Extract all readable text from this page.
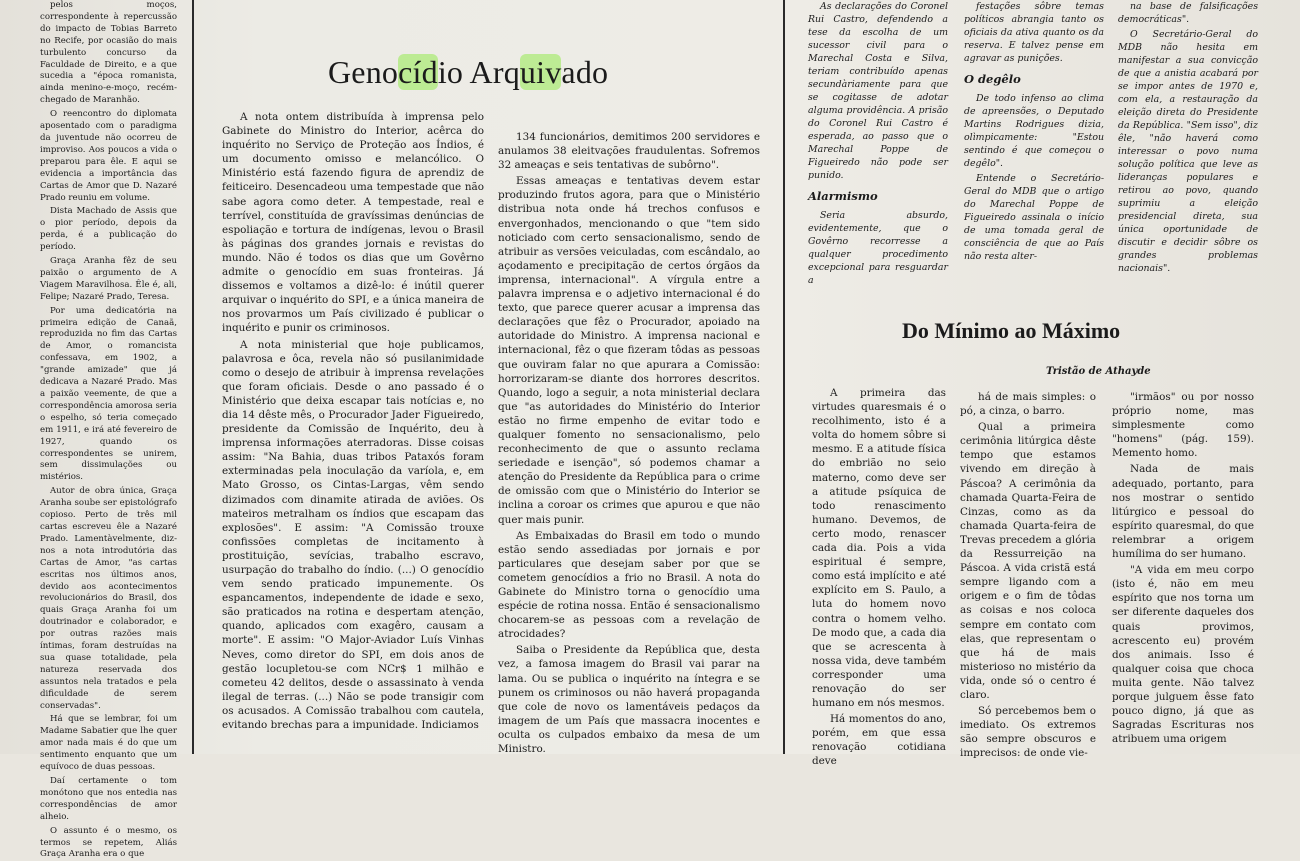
pelos moços, correspondente à repercussão do impacto de Tobias Barreto no Recife, por ocasião do mais turbulento concurso da Faculdade de Direito, e a que sucedia a "época romanista, ainda menino-e-moço, recém-chegado de Maranhão.

O reencontro do diplomata aposentado com o paradigma da juventude não ocorreu de improviso. Aos poucos a vida o preparou para êle. E aqui se evidencia a importância das Cartas de Amor que D. Nazaré Prado reuniu em volume.

Dista Machado de Assis que o pior período, depois da perda, é a publicação do período.

Graça Aranha fêz de seu paixão o argumento de A Viagem Maravilhosa. Êle é, ali, Felipe; Nazaré Prado, Teresa.

Por uma dedicatória na primeira edição de Canaã, reproduzida no fim das Cartas de Amor, o romancista confessava, em 1902, a "grande amizade" que já dedicava a Nazaré Prado. Mas a paixão veemente, de que a correspondência amorosa seria o espelho, só teria começado em 1911, e irá até fevereiro de 1927, quando os correspondentes se unirem, sem dissimulações ou mistérios.

Autor de obra única, Graça Aranha soube ser epistológrafo copioso. Perto de três mil cartas escreveu êle a Nazaré Prado. Lamentàvelmente, diz-nos a nota introdutória das Cartas de Amor, "as cartas escritas nos últimos anos, devido aos acontecimentos revolucionários do Brasil, dos quais Graça Aranha foi um doutrinador e colaborador, e por outras razões mais íntimas, foram destruídas na sua quase totalidade, pela natureza reservada dos assuntos nela tratados e pela dificuldade de serem conservadas".

Há que se lembrar, foi um Madame Sabatier que lhe quer amor nada mais é do que um sentimento enquanto que um equívoco de duas pessoas.

Daí certamente o tom monótono que nos entedia nas correspondências de amor alheio.

O assunto é o mesmo, os termos se repetem, Aliás Graça Aranha era o que

Genocídio Arquivado

A nota ontem distribuída à imprensa pelo Gabinete do Ministro do Interior, acêrca do inquérito no Serviço de Proteção aos Índios, é um documento omisso e melancólico. O Ministério está fazendo figura de aprendiz de feiticeiro. Desencadeou uma tempestade que não sabe agora como deter. A tempestade, real e terrível, constituída de gravíssimas denúncias de espoliação e tortura de indígenas, levou o Brasil às páginas dos grandes jornais e revistas do mundo. Não é todos os dias que um Govêrno admite o genocídio em suas fronteiras. Já dissemos e voltamos a dizê-lo: é inútil querer arquivar o inquérito do SPI, e a única maneira de nos provarmos um País civilizado é publicar o inquérito e punir os criminosos.

A nota ministerial que hoje publicamos, palavrosa e ôca, revela não só pusilanimidade como o desejo de atribuir à imprensa revelações que foram oficiais. Desde o ano passado é o Ministério que deixa escapar tais notícias e, no dia 14 dêste mês, o Procurador Jader Figueiredo, presidente da Comissão de Inquérito, deu à imprensa informações aterradoras. Disse coisas assim: "Na Bahia, duas tribos Pataxós foram exterminadas pela inoculação da varíola, e, em Mato Grosso, os Cintas-Largas, vêm sendo dizimados com dinamite atirada de aviões. Os mateiros metralham os índios que escapam das explosões". E assim: "A Comissão trouxe confissões completas de incitamento à prostituição, sevícias, trabalho escravo, usurpação do trabalho do índio. (...) O genocídio vem sendo praticado impunemente. Os espancamentos, independente de idade e sexo, são praticados na rotina e despertam atenção, quando, aplicados com exagêro, causam a morte". E assim: "O Major-Aviador Luís Vinhas Neves, como diretor do SPI, em dois anos de gestão locupletou-se com NCr$ 1 milhão e cometeu 42 delitos, desde o assassinato à venda ilegal de terras. (...) Não se pode transigir com os acusados. A Comissão trabalhou com cautela, evitando brechas para a impunidade. Indiciamos

134 funcionários, demitimos 200 servidores e anulamos 38 eleitvações fraudulentas. Sofremos 32 ameaças e seis tentativas de subôrno".

Essas ameaças e tentativas devem estar produzindo frutos agora, para que o Ministério distribua nota onde há trechos confusos e envergonhados, mencionando o que "tem sido noticiado com certo sensacionalismo, sendo de atribuir as versões veiculadas, com escândalo, ao açodamento e precipitação de certos órgãos da imprensa, internacional". A vírgula entre a palavra imprensa e o adjetivo internacional é do texto, que parece querer acusar a imprensa das declarações que fêz o Procurador, apoiado na autoridade do Ministro. A imprensa nacional e internacional, fêz o que fizeram tôdas as pessoas que ouviram falar no que apurara a Comissão: horrorizaram-se diante dos horrores descritos. Quando, logo a seguir, a nota ministerial declara que "as autoridades do Ministério do Interior estão no firme empenho de evitar todo e qualquer fomento no sensacionalismo, pelo reconhecimento de que o assunto reclama seriedade e isenção", só podemos chamar a atenção do Presidente da República para o crime de omissão com que o Ministério do Interior se inclina a coroar os crimes que apurou e que não quer mais punir.

As Embaixadas do Brasil em todo o mundo estão sendo assediadas por jornais e por particulares que desejam saber por que se cometem genocídios a frio no Brasil. A nota do Gabinete do Ministro torna o genocídio uma espécie de rotina nossa. Então é sensacionalismo chocarem-se as pessoas com a revelação de atrocidades?

Saiba o Presidente da República que, desta vez, a famosa imagem do Brasil vai parar na lama. Ou se publica o inquérito na íntegra e se punem os criminosos ou não haverá propaganda que cole de novo os lamentáveis pedaços da imagem de um País que massacra inocentes e oculta os culpados embaixo da mesa de um Ministro.

As declarações do Coronel Rui Castro, defendendo a tese da escolha de um sucessor civil para o Marechal Costa e Silva, teriam contribuído apenas secundàriamente para que se cogitasse de adotar alguma providência. A prisão do Coronel Rui Castro é esperada, ao passo que o Marechal Poppe de Figueiredo não pode ser punido.

Alarmismo

Seria absurdo, evidentemente, que o Govêrno recorresse a qualquer procedimento excepcional para resguardar a

festações sôbre temas políticos abrangia tanto os oficiais da ativa quanto os da reserva. E talvez pense em agravar as punições.

O degêlo

De todo infenso ao clima de apreensões, o Deputado Martins Rodrigues dizia, olìmpicamente: "Estou sentindo é que começou o degêlo".

Entende o Secretário-Geral do MDB que o artigo do Marechal Poppe de Figueiredo assinala o início de uma tomada geral de consciência de que ao País não resta alter-

na base de falsificações democráticas".

O Secretário-Geral do MDB não hesita em manifestar a sua convicção de que a anistia acabará por se impor antes de 1970 e, com ela, a restauração da eleição direta do Presidente da República. "Sem isso", diz êle, "não haverá como interessar o povo numa solução política que leve as lideranças populares e retirou ao povo, quando suprimiu a eleição presidencial direta, sua única oportunidade de discutir e decidir sôbre os grandes problemas nacionais".

Do Mínimo ao Máximo
Tristão de Athayde

A primeira das virtudes quaresmais é o recolhimento, isto é a volta do homem sôbre si mesmo. E a atitude física do embrião no seio materno, como deve ser a atitude psíquica de todo renascimento humano. Devemos, de certo modo, renascer cada dia. Pois a vida espiritual é sempre, como está implícito e até explícito em S. Paulo, a luta do homem novo contra o homem velho. De modo que, a cada dia que se acrescenta à nossa vida, deve também corresponder uma renovação do ser humano em nós mesmos.

Há momentos do ano, porém, em que essa renovação cotidiana deve

há de mais simples: o pó, a cinza, o barro.

Qual a primeira cerimônia litúrgica dêste tempo que estamos vivendo em direção à Páscoa? A cerimônia da chamada Quarta-Feira de Cinzas, como as da chamada Quarta-feira de Trevas precedem a glória da Ressurreição na Páscoa. A vida cristã está sempre ligando com a origem e o fim de tôdas as coisas e nos coloca sempre em contato com elas, que representam o que há de mais misterioso no mistério da vida, onde só o centro é claro.

Só percebemos bem o imediato. Os extremos são sempre obscuros e imprecisos: de onde vie-

"irmãos" ou por nosso próprio nome, mas simplesmente como "homens" (pág. 159). Memento homo.

Nada de mais adequado, portanto, para nos mostrar o sentido litúrgico e pessoal do espírito quaresmal, do que relembrar a origem humílima do ser humano.

"A vida em meu corpo (isto é, não em meu espírito que nos torna um ser diferente daqueles dos quais provimos, acrescento eu) provém dos animais. Isso é qualquer coisa que choca muita gente. Não talvez porque julguem êsse fato pouco digno, já que as Sagradas Escrituras nos atribuem uma origem
